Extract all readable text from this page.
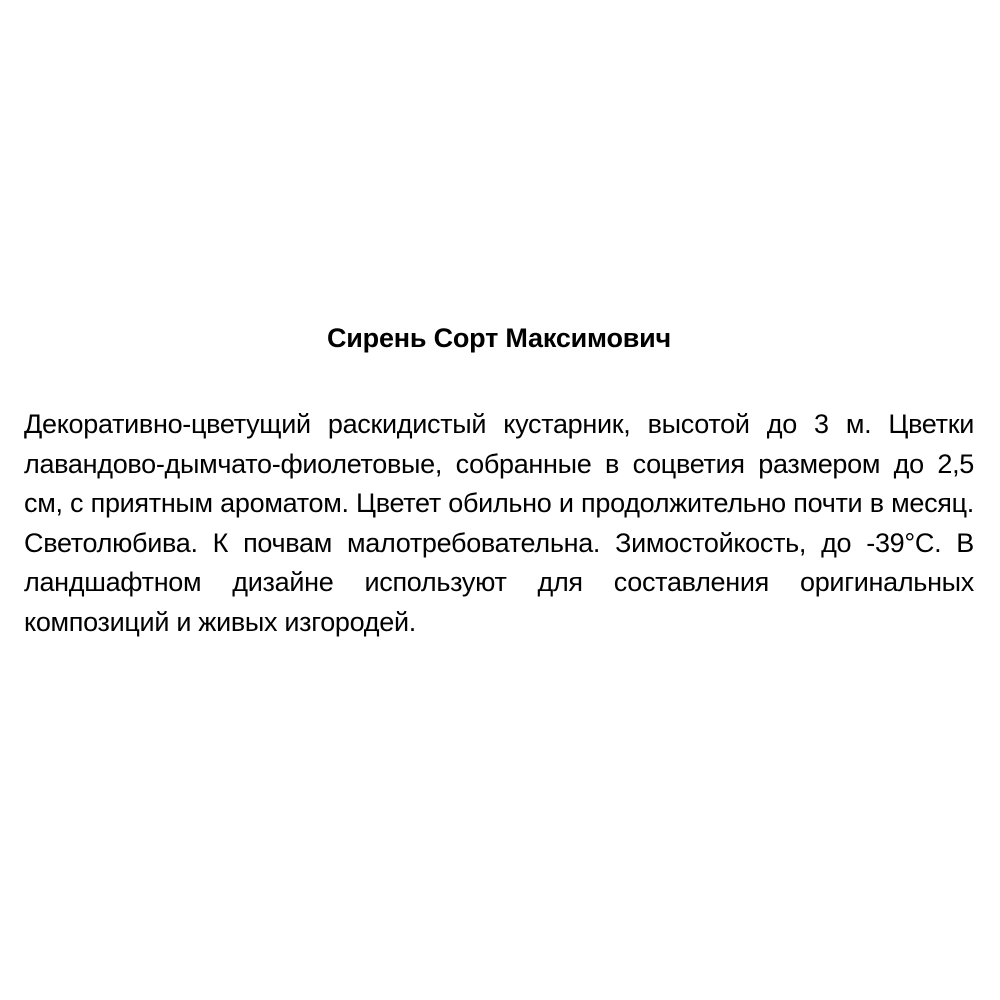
Сирень Сорт Максимович

Декоративно-цветущий раскидистый кустарник, высотой до 3 м. Цветки лавандово-дымчато-фиолетовые, собранные в соцветия размером до 2,5 см, с приятным ароматом. Цветет обильно и продолжительно почти в месяц. Светолюбива. К почвам малотребовательна. Зимостойкость, до -39°C. В ландшафтном дизайне используют для составления оригинальных композиций и живых изгородей.
